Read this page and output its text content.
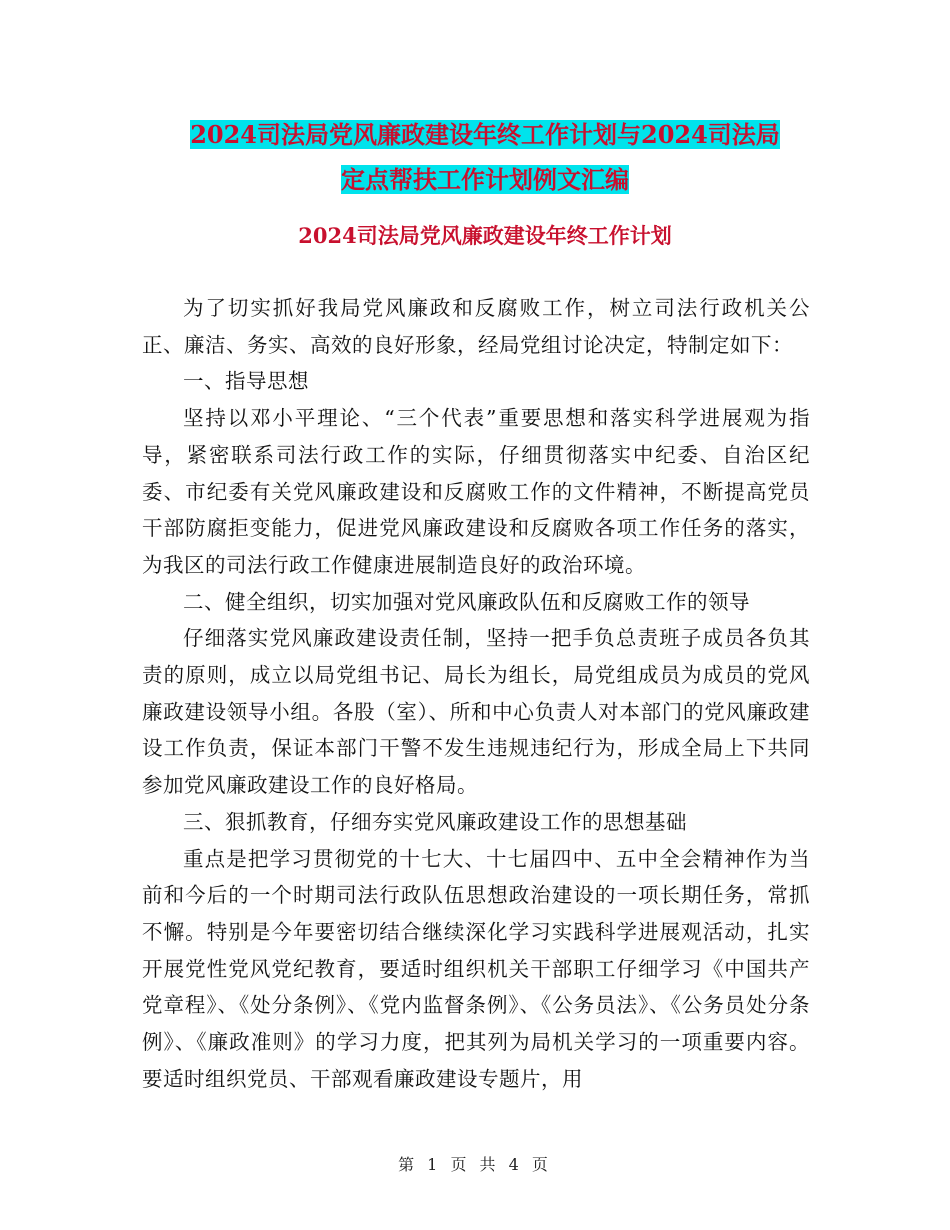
2024司法局党风廉政建设年终工作计划与2024司法局
定点帮扶工作计划例文汇编
2024司法局党风廉政建设年终工作计划

为了切实抓好我局党风廉政和反腐败工作，树立司法行政机关公正、廉洁、务实、高效的良好形象，经局党组讨论决定，特制定如下：

一、指导思想

坚持以邓小平理论、“三个代表”重要思想和落实科学进展观为指导，紧密联系司法行政工作的实际，仔细贯彻落实中纪委、自治区纪委、市纪委有关党风廉政建设和反腐败工作的文件精神，不断提高党员干部防腐拒变能力，促进党风廉政建设和反腐败各项工作任务的落实，为我区的司法行政工作健康进展制造良好的政治环境。

二、健全组织，切实加强对党风廉政队伍和反腐败工作的领导

仔细落实党风廉政建设责任制，坚持一把手负总责班子成员各负其责的原则，成立以局党组书记、局长为组长，局党组成员为成员的党风廉政建设领导小组。各股（室）、所和中心负责人对本部门的党风廉政建设工作负责，保证本部门干警不发生违规违纪行为，形成全局上下共同参加党风廉政建设工作的良好格局。

三、狠抓教育，仔细夯实党风廉政建设工作的思想基础

重点是把学习贯彻党的十七大、十七届四中、五中全会精神作为当前和今后的一个时期司法行政队伍思想政治建设的一项长期任务，常抓不懈。特别是今年要密切结合继续深化学习实践科学进展观活动，扎实开展党性党风党纪教育，要适时组织机关干部职工仔细学习《中国共产党章程》、《处分条例》、《党内监督条例》、《公务员法》、《公务员处分条例》、《廉政准则》的学习力度，把其列为局机关学习的一项重要内容。要适时组织党员、干部观看廉政建设专题片，用

第 1 页 共 4 页
